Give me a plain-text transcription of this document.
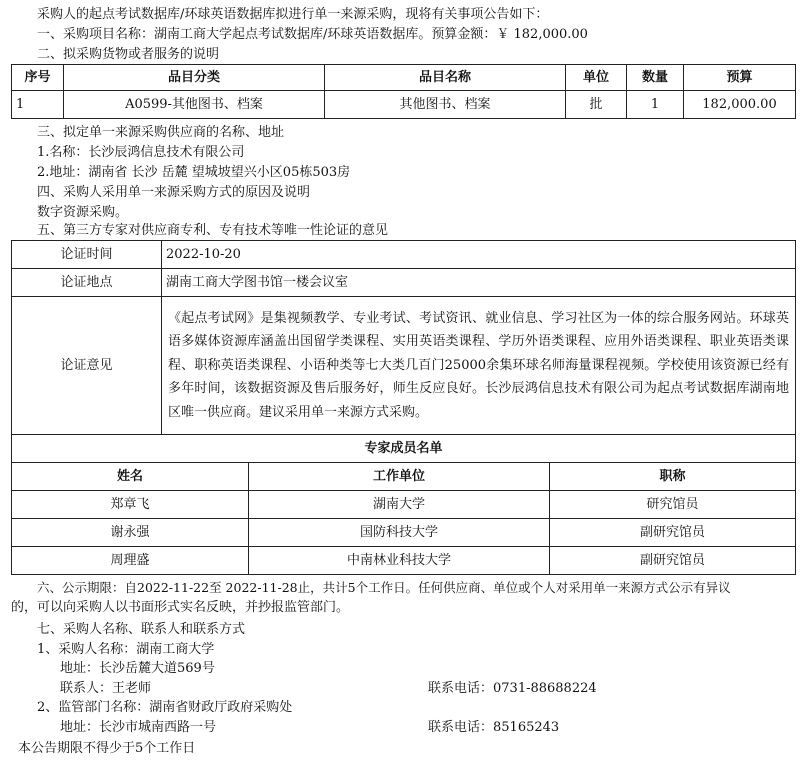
采购人的起点考试数据库/环球英语数据库拟进行单一来源采购，现将有关事项公告如下：
一、采购项目名称：湖南工商大学起点考试数据库/环球英语数据库。预算金额：￥ 182,000.00
二、拟采购货物或者服务的说明
序号	品目分类	品目名称	单位	数量	预算
1	A0599-其他图书、档案	其他图书、档案	批	1	182,000.00
三、拟定单一来源采购供应商的名称、地址
1.名称：长沙辰鸿信息技术有限公司
2.地址：湖南省 长沙 岳麓 望城坡望兴小区05栋503房
四、采购人采用单一来源采购方式的原因及说明
数字资源采购。
五、第三方专家对供应商专利、专有技术等唯一性论证的意见
论证时间	2022-10-20		
论证地点	湖南工商大学图书馆一楼会议室		
论证意见	《起点考试网》是集视频教学、专业考试、考试资讯、就业信息、学习社区为一体的综合服务网站。环球英语多媒体资源库涵盖出国留学类课程、实用英语类课程、学历外语类课程、应用外语类课程、职业英语类课程、职称英语类课程、小语种类等七大类几百门25000余集环球名师海量课程视频。学校使用该资源已经有多年时间，该数据资源及售后服务好，师生反应良好。长沙辰鸿信息技术有限公司为起点考试数据库湖南地区唯一供应商。建议采用单一来源方式采购。		
专家成员名单			
姓名		工作单位	职称
郑章飞		湖南大学	研究馆员
谢永强		国防科技大学	副研究馆员
周理盛		中南林业科技大学	副研究馆员
六、公示期限：自2022-11-22至 2022-11-28止，共计5个工作日。任何供应商、单位或个人对采用单一来源方式公示有异议
的，可以向采购人以书面形式实名反映，并抄报监管部门。
七、采购人名称、联系人和联系方式
1、采购人名称：湖南工商大学
地址：长沙岳麓大道569号
联系人：王老师	联系电话：0731-88688224
2、监管部门名称：湖南省财政厅政府采购处
地址：长沙市城南西路一号	联系电话：85165243
本公告期限不得少于5个工作日
